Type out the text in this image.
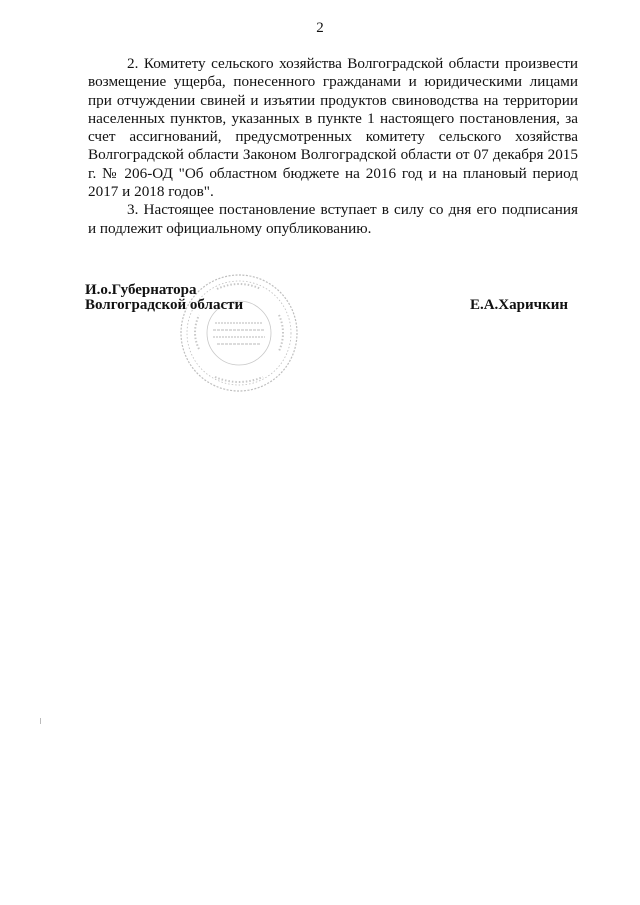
2

2. Комитету сельского хозяйства Волгоградской области произвести возмещение ущерба, понесенного гражданами и юридическими лицами при отчуждении свиней и изъятии продуктов свиноводства на территории населенных пунктов, указанных в пункте 1 настоящего постановления, за счет ассигнований, предусмотренных комитету сельского хозяйства Волгоградской области Законом Волгоградской области от 07 декабря 2015 г. № 206-ОД "Об областном бюджете на 2016 год и на плановый период 2017 и 2018 годов".

3. Настоящее постановление вступает в силу со дня его подписания и подлежит официальному опубликованию.

И.о.Губернатора
Волгоградской области	Е.А.Харичкин
